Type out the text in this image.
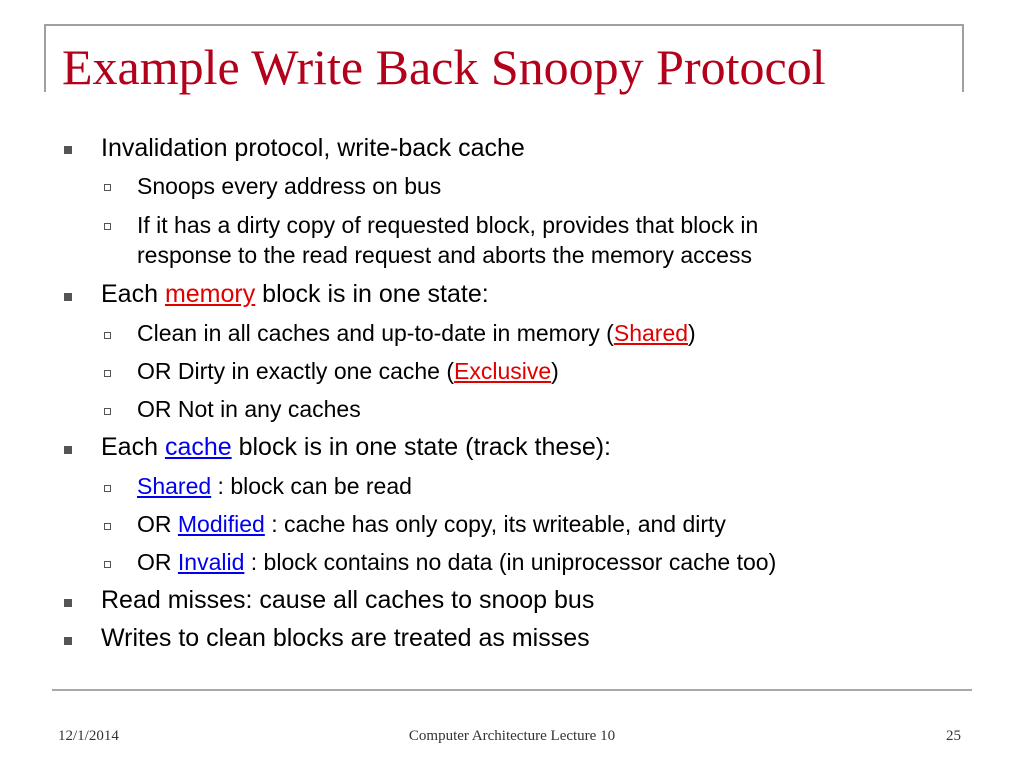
Example Write Back Snoopy Protocol
Invalidation protocol, write-back cache
Snoops every address on bus
If it has a dirty copy of requested block, provides that block in
response to the read request and aborts the memory access
Each memory block is in one state:
Clean in all caches and up-to-date in memory (Shared)
OR Dirty in exactly one cache (Exclusive)
OR Not in any caches
Each cache block is in one state (track these):
Shared : block can be read
OR Modified : cache has only copy, its writeable, and dirty
OR Invalid : block contains no data (in uniprocessor cache too)
Read misses: cause all caches to snoop bus
Writes to clean blocks are treated as misses
12/1/2014	Computer Architecture Lecture 10	25
